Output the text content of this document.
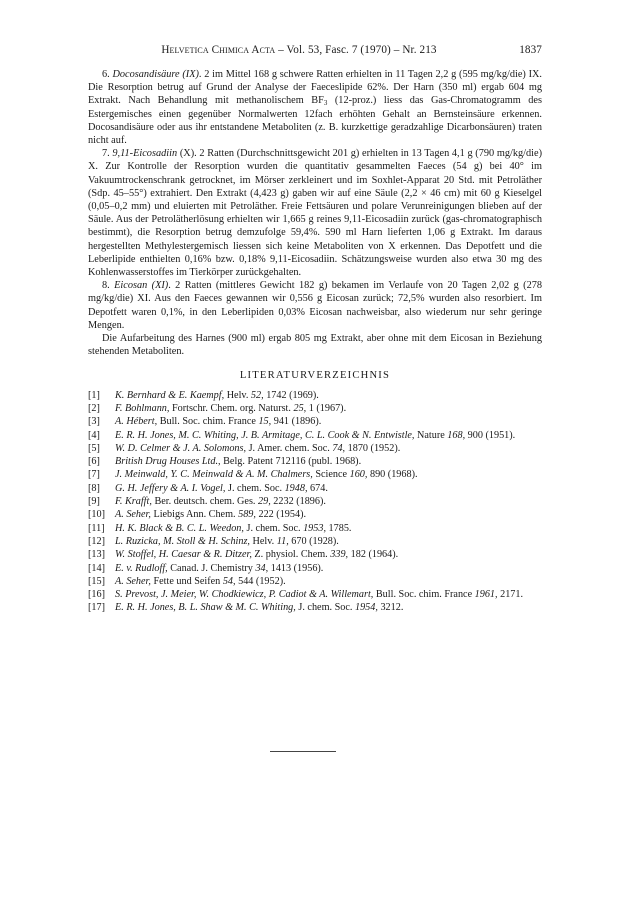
Helvetica Chimica Acta – Vol. 53, Fasc. 7 (1970) – Nr. 213	1837

6. Docosandisäure (IX). 2 im Mittel 168 g schwere Ratten erhielten in 11 Tagen 2,2 g (595 mg/kg/die) IX. Die Resorption betrug auf Grund der Analyse der Faeceslipide 62%. Der Harn (350 ml) ergab 604 mg Extrakt. Nach Behandlung mit methanolischem $BF_3$ (12-proz.) liess das Gas-Chromatogramm des Estergemisches einen gegenüber Normalwerten 12fach erhöhten Gehalt an Bernsteinsäure erkennen. Docosandisäure oder aus ihr entstandene Metaboliten (z. B. kurzkettige geradzahlige Dicarbonsäuren) traten nicht auf.

7. 9,11-Eicosadiin (X). 2 Ratten (Durchschnittsgewicht 201 g) erhielten in 13 Tagen 4,1 g (790 mg/kg/die) X. Zur Kontrolle der Resorption wurden die quantitativ gesammelten Faeces (54 g) bei 40° im Vakuumtrockenschrank getrocknet, im Mörser zerkleinert und im Soxhlet-Apparat 20 Std. mit Petroläther (Sdp. 45–55°) extrahiert. Den Extrakt (4,423 g) gaben wir auf eine Säule (2,2 × 46 cm) mit 60 g Kieselgel (0,05–0,2 mm) und eluierten mit Petroläther. Freie Fettsäuren und polare Verunreinigungen blieben auf der Säule. Aus der Petrolätherlösung erhielten wir 1,665 g reines 9,11-Eicosadiin zurück (gas-chromatographisch bestimmt), die Resorption betrug demzufolge 59,4%. 590 ml Harn lieferten 1,06 g Extrakt. Im daraus hergestellten Methylestergemisch liessen sich keine Metaboliten von X erkennen. Das Depotfett und die Leberlipide enthielten 0,16% bzw. 0,18% 9,11-Eicosadiin. Schätzungsweise wurden also etwa 30 mg des Kohlenwasserstoffes im Tierkörper zurückgehalten.

8. Eicosan (XI). 2 Ratten (mittleres Gewicht 182 g) bekamen im Verlaufe von 20 Tagen 2,02 g (278 mg/kg/die) XI. Aus den Faeces gewannen wir 0,556 g Eicosan zurück; 72,5% wurden also resorbiert. Im Depotfett waren 0,1%, in den Leberlipiden 0,03% Eicosan nachweisbar, also wiederum nur sehr geringe Mengen.

Die Aufarbeitung des Harnes (900 ml) ergab 805 mg Extrakt, aber ohne mit dem Eicosan in Beziehung stehenden Metaboliten.

LITERATURVERZEICHNIS
[1] K. Bernhard & E. Kaempf, Helv. 52, 1742 (1969).
[2] F. Bohlmann, Fortschr. Chem. org. Naturst. 25, 1 (1967).
[3] A. Hébert, Bull. Soc. chim. France 15, 941 (1896).
[4] E. R. H. Jones, M. C. Whiting, J. B. Armitage, C. L. Cook & N. Entwistle, Nature 168, 900 (1951).
[5] W. D. Celmer & J. A. Solomons, J. Amer. chem. Soc. 74, 1870 (1952).
[6] British Drug Houses Ltd., Belg. Patent 712116 (publ. 1968).
[7] J. Meinwald, Y. C. Meinwald & A. M. Chalmers, Science 160, 890 (1968).
[8] G. H. Jeffery & A. I. Vogel, J. chem. Soc. 1948, 674.
[9] F. Krafft, Ber. deutsch. chem. Ges. 29, 2232 (1896).
[10] A. Seher, Liebigs Ann. Chem. 589, 222 (1954).
[11] H. K. Black & B. C. L. Weedon, J. chem. Soc. 1953, 1785.
[12] L. Ruzicka, M. Stoll & H. Schinz, Helv. 11, 670 (1928).
[13] W. Stoffel, H. Caesar & R. Ditzer, Z. physiol. Chem. 339, 182 (1964).
[14] E. v. Rudloff, Canad. J. Chemistry 34, 1413 (1956).
[15] A. Seher, Fette und Seifen 54, 544 (1952).
[16] S. Prevost, J. Meier, W. Chodkiewicz, P. Cadiot & A. Willemart, Bull. Soc. chim. France 1961, 2171.
[17] E. R. H. Jones, B. L. Shaw & M. C. Whiting, J. chem. Soc. 1954, 3212.
